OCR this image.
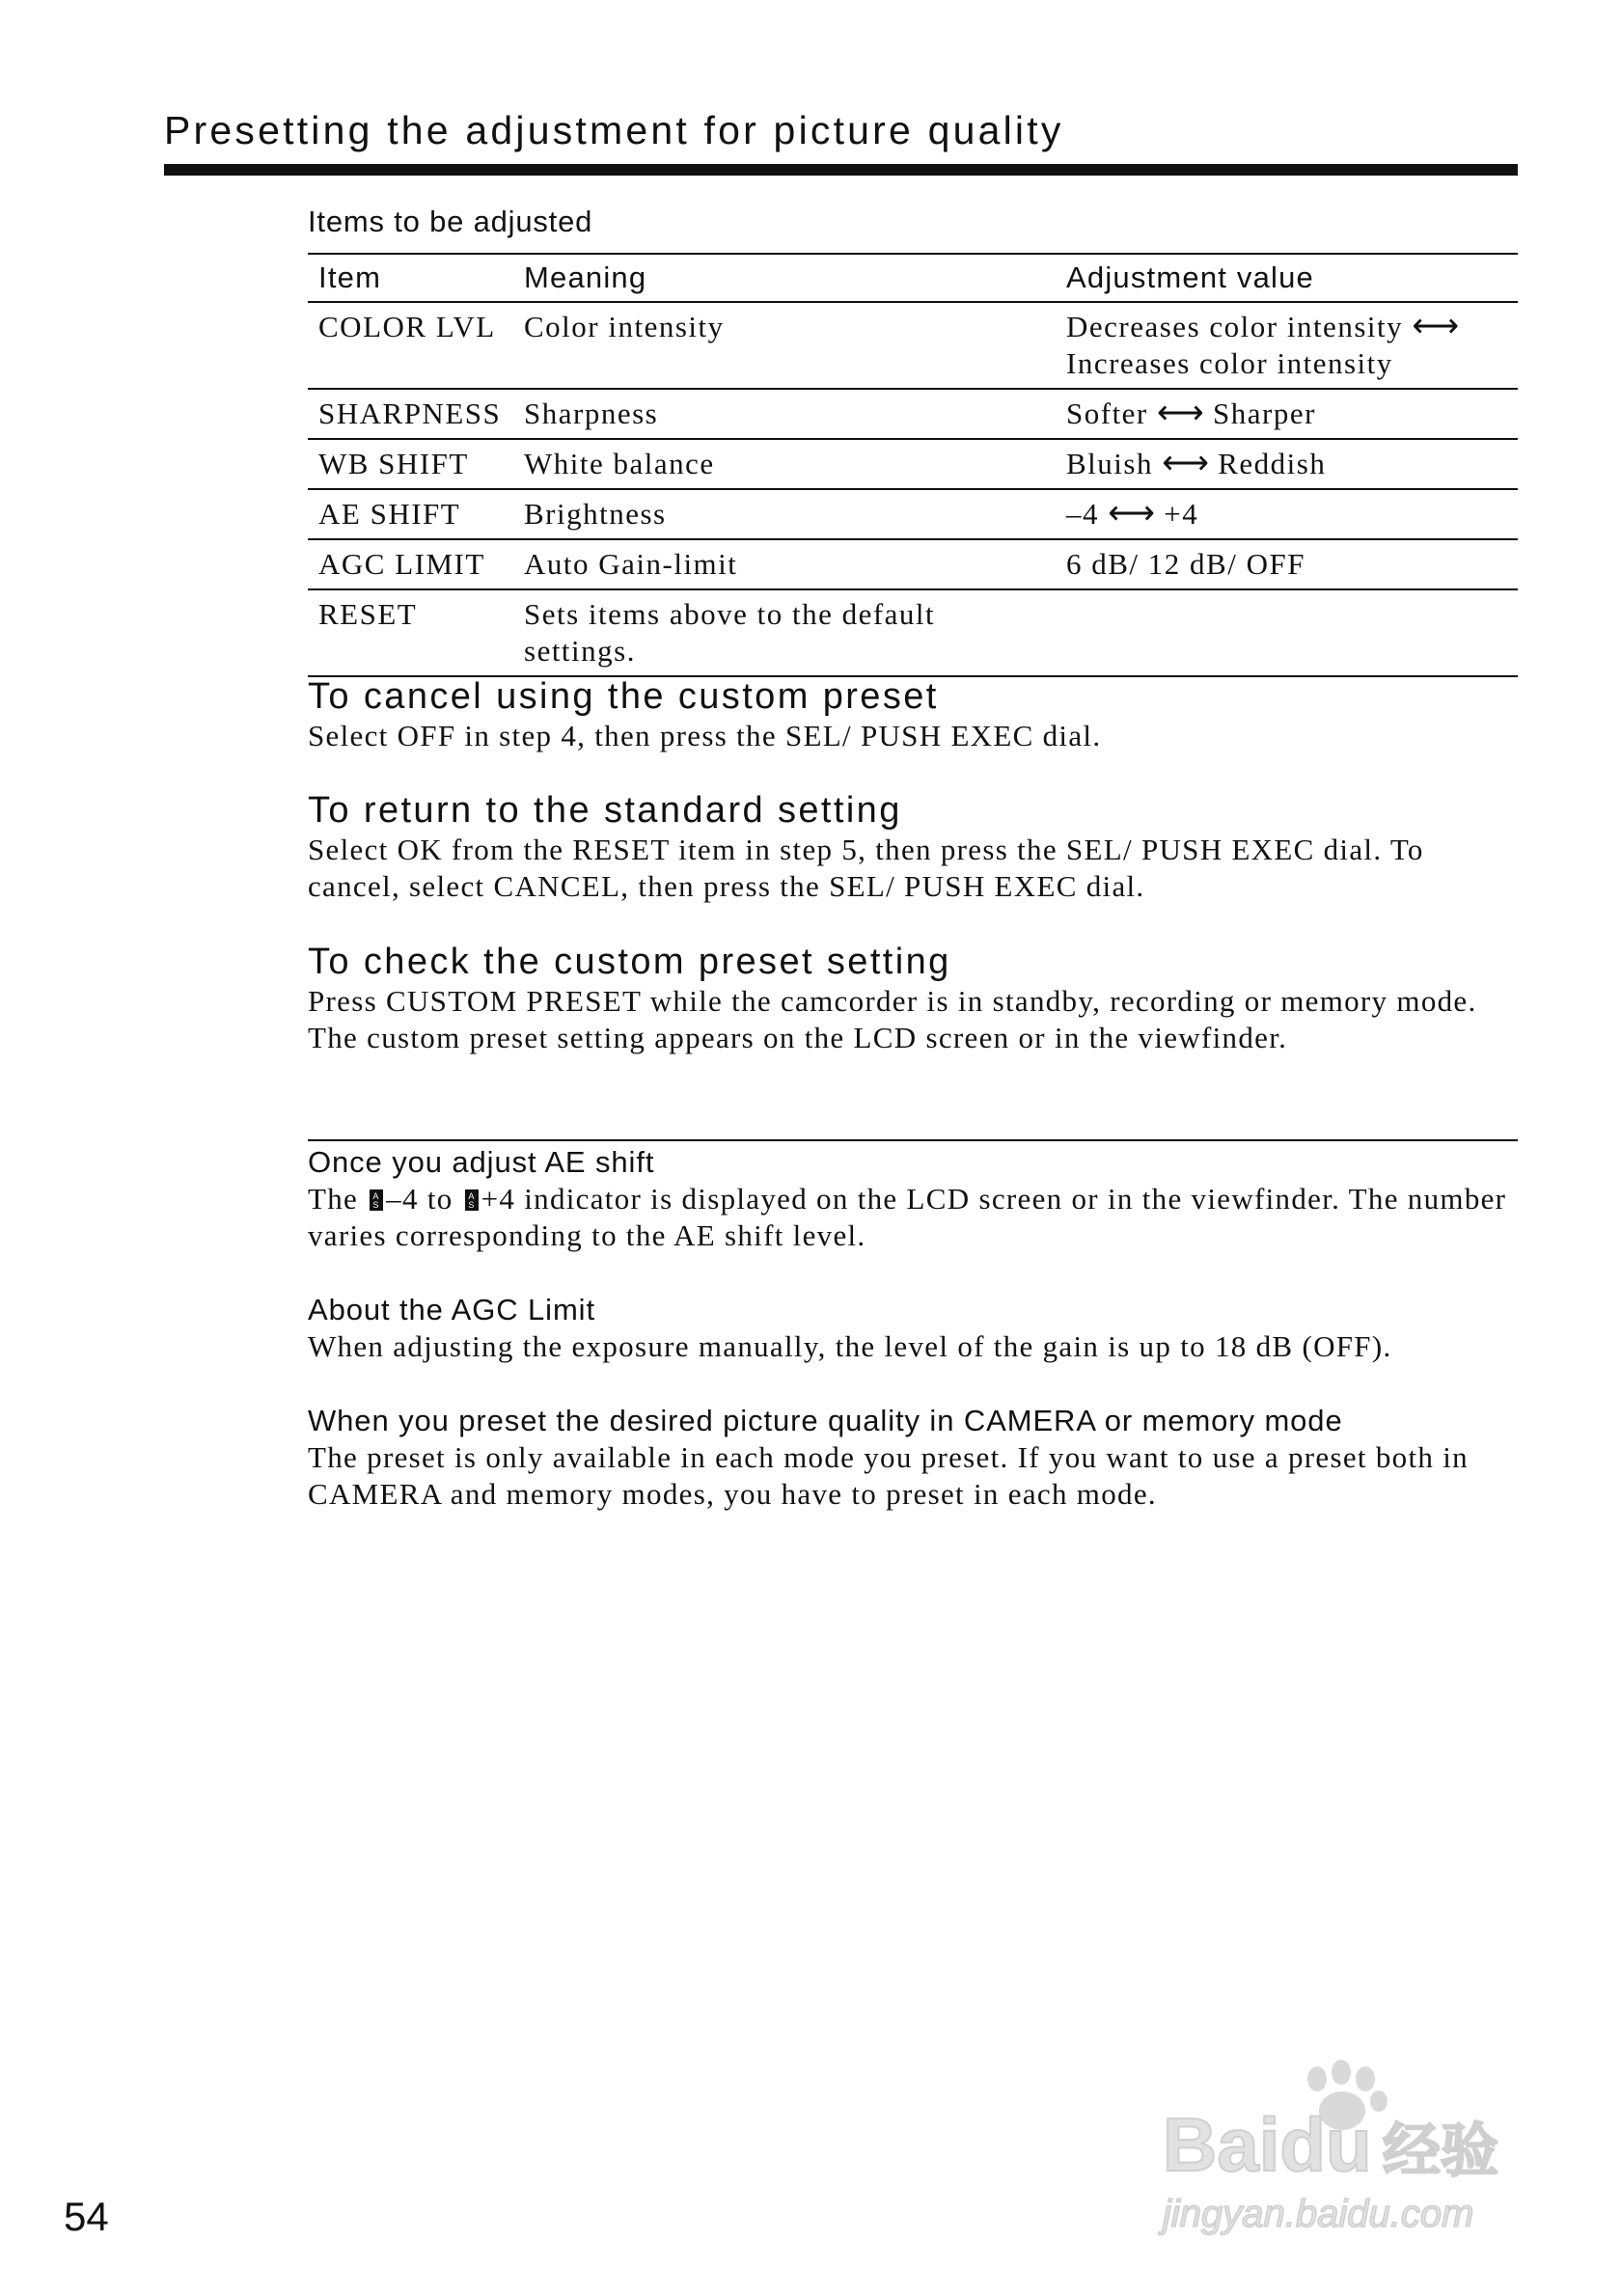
Presetting the adjustment for picture quality
Items to be adjusted
Item	Meaning	Adjustment value
COLOR LVL	Color intensity	Decreases color intensity ⟷
Increases color intensity
SHARPNESS	Sharpness	Softer ⟷ Sharper
WB SHIFT	White balance	Bluish ⟷ Reddish
AE SHIFT	Brightness	–4 ⟷ +4
AGC LIMIT	Auto Gain-limit	6 dB/ 12 dB/ OFF
RESET	Sets items above to the default settings.	
To cancel using the custom preset

Select OFF in step 4, then press the SEL/ PUSH EXEC dial.

To return to the standard setting

Select OK from the RESET item in step 5, then press the SEL/ PUSH EXEC dial. To cancel, select CANCEL, then press the SEL/ PUSH EXEC dial.

To check the custom preset setting

Press CUSTOM PRESET while the camcorder is in standby, recording or memory mode.

The custom preset setting appears on the LCD screen or in the viewfinder.

Once you adjust AE shift

The A
S –4 to A
S +4 indicator is displayed on the LCD screen or in the viewfinder. The number varies corresponding to the AE shift level.

About the AGC Limit

When adjusting the exposure manually, the level of the gain is up to 18 dB (OFF).

When you preset the desired picture quality in CAMERA or memory mode

The preset is only available in each mode you preset. If you want to use a preset both in CAMERA and memory modes, you have to preset in each mode.

54
Baidu 经验
jingyan.baidu.com
